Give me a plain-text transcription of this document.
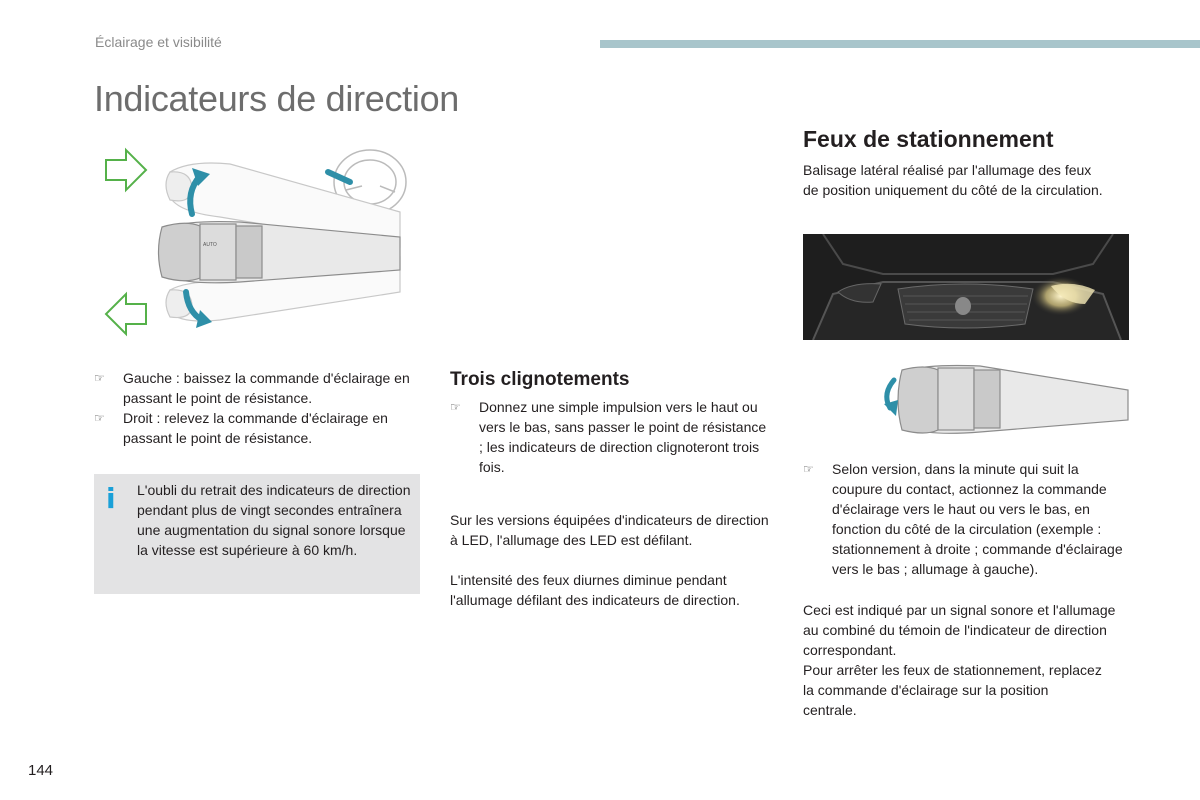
Éclairage et visibilité
Indicateurs de direction
AUTO
☞ Gauche : baissez la commande d'éclairage en passant le point de résistance.
☞ Droit : relevez la commande d'éclairage en passant le point de résistance.
i	L'oubli du retrait des indicateurs de direction pendant plus de vingt secondes entraînera une augmentation du signal sonore lorsque la vitesse est supérieure à 60 km/h.
Trois clignotements
☞ Donnez une simple impulsion vers le haut ou vers le bas, sans passer le point de résistance ; les indicateurs de direction clignoteront trois fois.
Sur les versions équipées d'indicateurs de direction à LED, l'allumage des LED est défilant.
L'intensité des feux diurnes diminue pendant l'allumage défilant des indicateurs de direction.
Feux de stationnement
Balisage latéral réalisé par l'allumage des feux de position uniquement du côté de la circulation.
☞ Selon version, dans la minute qui suit la coupure du contact, actionnez la commande d'éclairage vers le haut ou vers le bas, en fonction du côté de la circulation (exemple : stationnement à droite ; commande d'éclairage vers le bas ; allumage à gauche).
Ceci est indiqué par un signal sonore et l'allumage au combiné du témoin de l'indicateur de direction correspondant.
Pour arrêter les feux de stationnement, replacez la commande d'éclairage sur la position centrale.
144
